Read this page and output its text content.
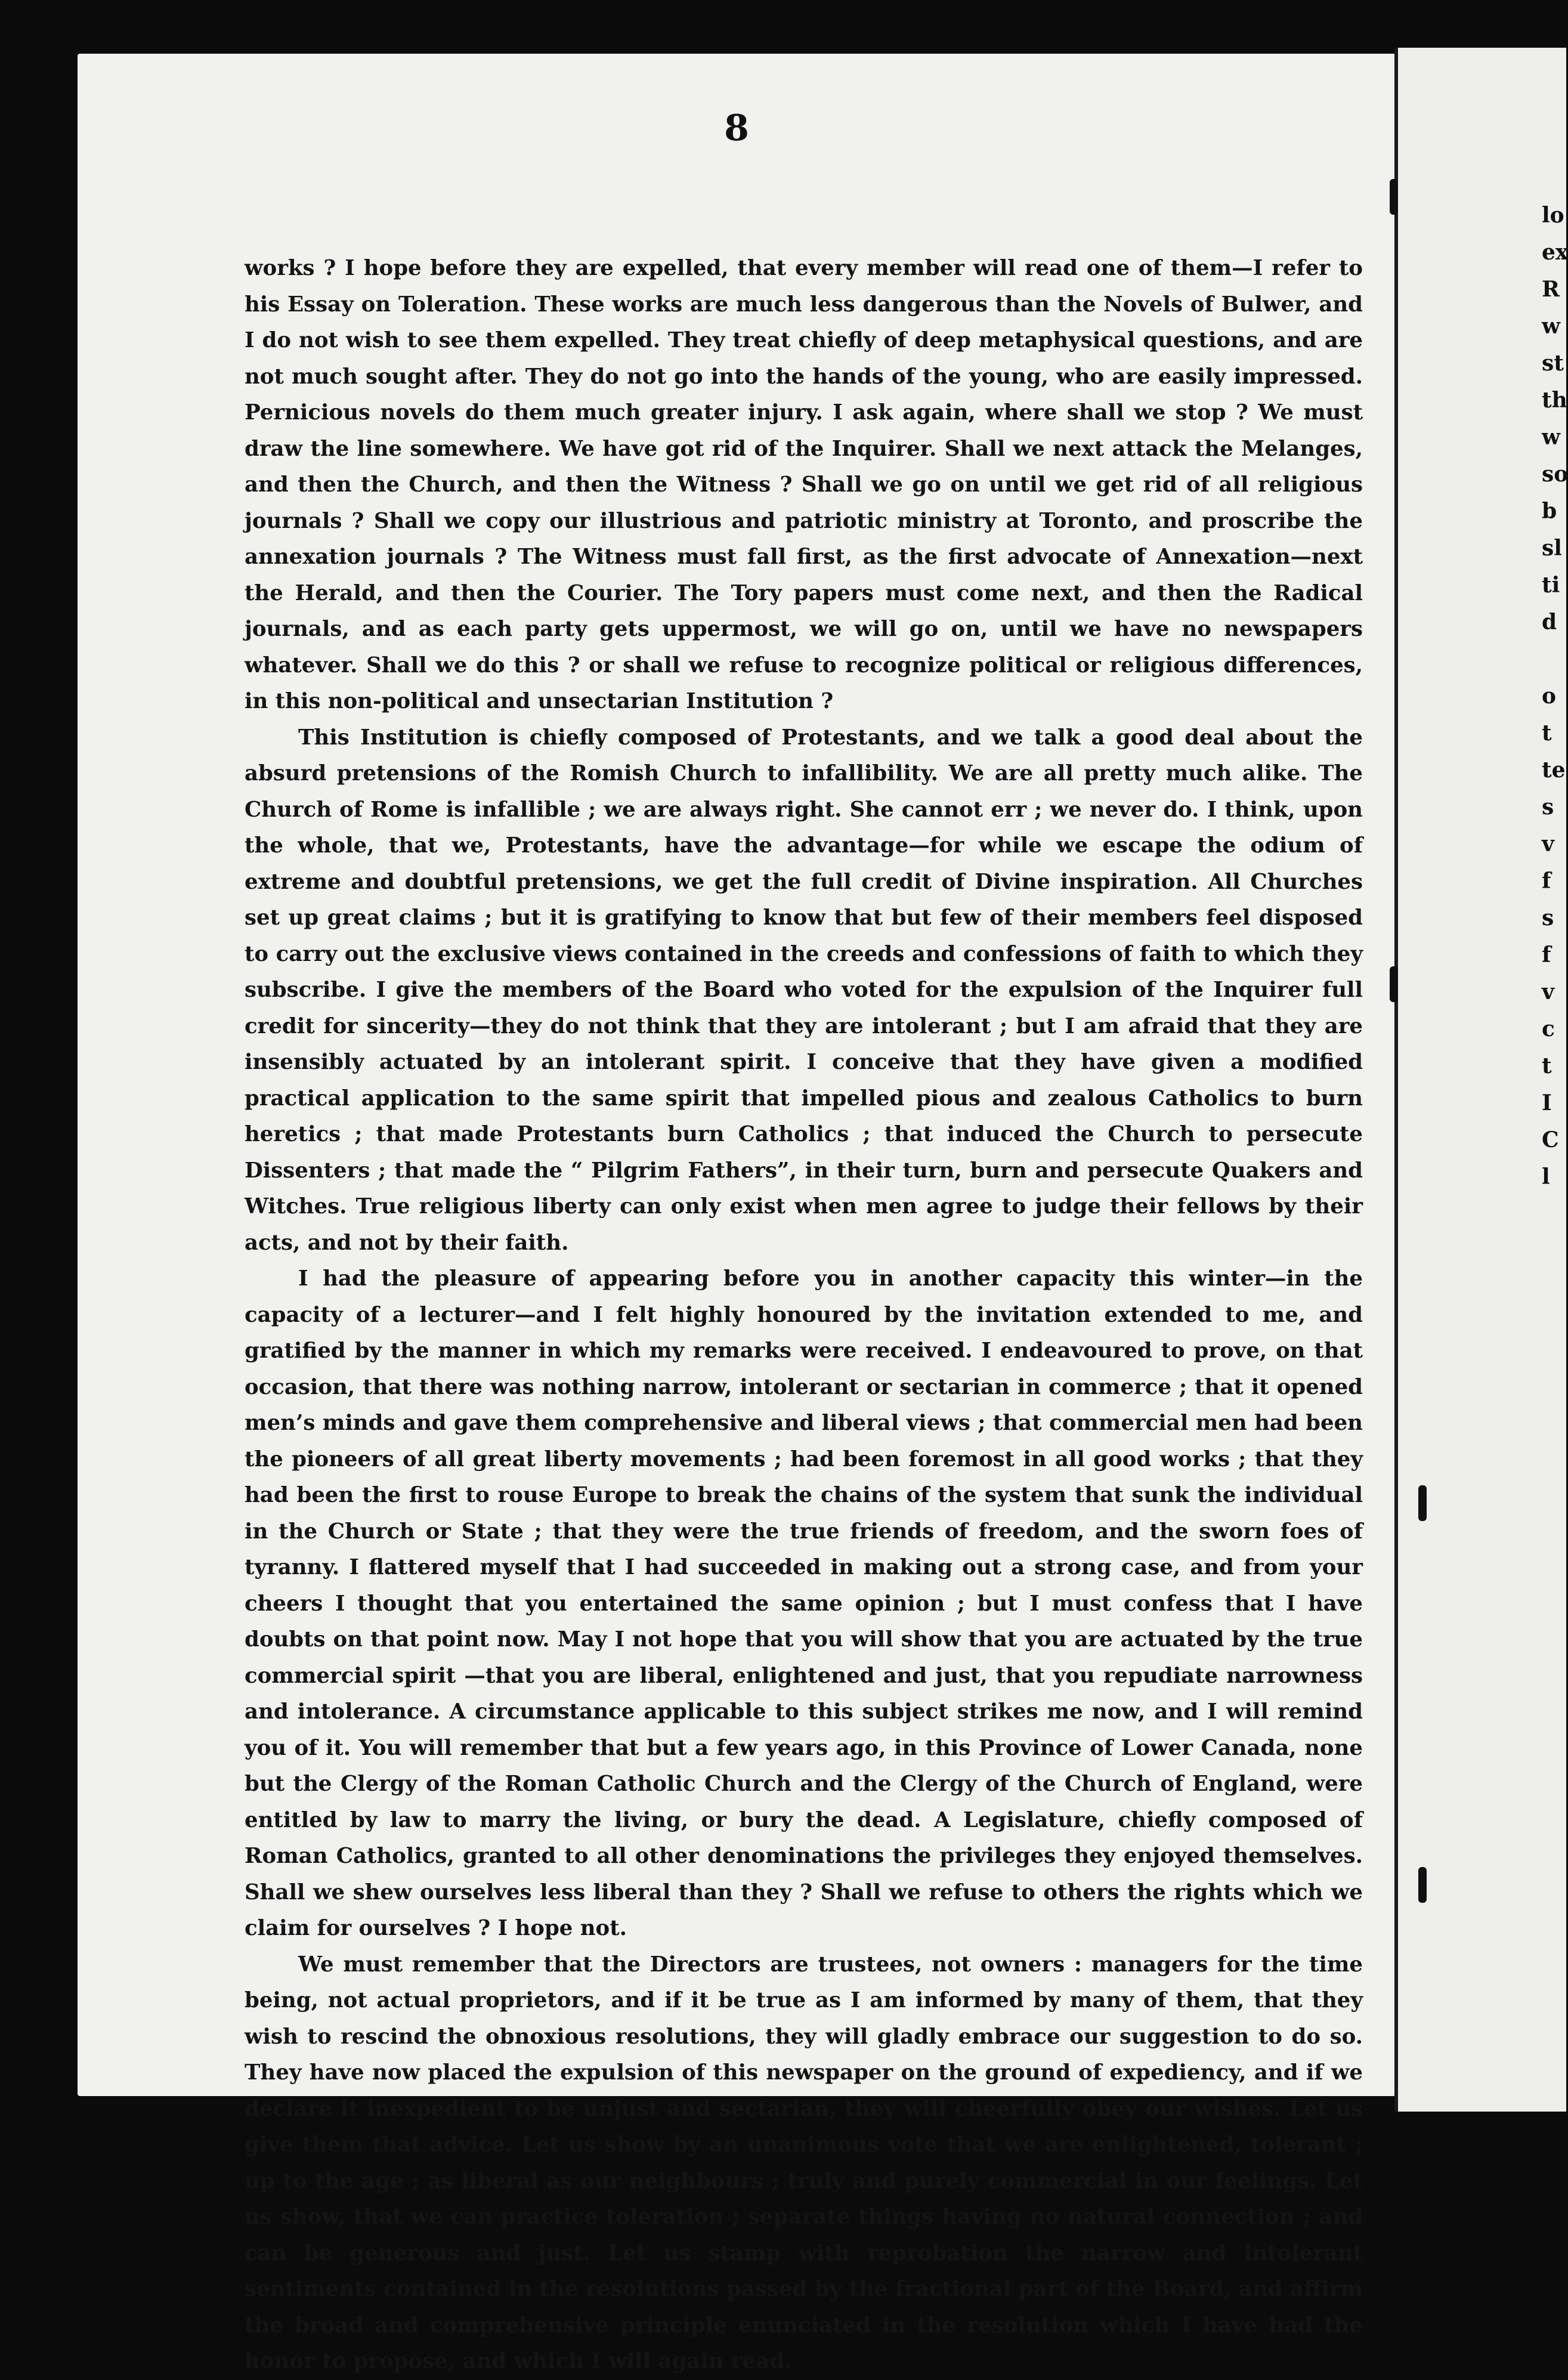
8

works ? I hope before they are expelled, that every member will read one of them—I refer to his Essay on Toleration. These works are much less dangerous than the Novels of Bulwer, and I do not wish to see them expelled. They treat chiefly of deep metaphysical questions, and are not much sought after. They do not go into the hands of the young, who are easily impressed. Pernicious novels do them much greater injury. I ask again, where shall we stop ? We must draw the line somewhere. We have got rid of the Inquirer. Shall we next attack the Melanges, and then the Church, and then the Witness ? Shall we go on until we get rid of all religious journals ? Shall we copy our illustrious and patriotic ministry at Toronto, and proscribe the annexation journals ? The Witness must fall first, as the first advocate of Annexation—next the Herald, and then the Courier. The Tory papers must come next, and then the Radical journals, and as each party gets uppermost, we will go on, until we have no newspapers whatever. Shall we do this ? or shall we refuse to recognize political or religious differences, in this non-political and unsectarian Institution ?

This Institution is chiefly composed of Protestants, and we talk a good deal about the absurd pretensions of the Romish Church to infallibility. We are all pretty much alike. The Church of Rome is infallible ; we are always right. She cannot err ; we never do. I think, upon the whole, that we, Protestants, have the advantage—for while we escape the odium of extreme and doubtful pretensions, we get the full credit of Divine inspiration. All Churches set up great claims ; but it is gratifying to know that but few of their members feel disposed to carry out the exclusive views contained in the creeds and confessions of faith to which they subscribe. I give the members of the Board who voted for the expulsion of the Inquirer full credit for sincerity—they do not think that they are intolerant ; but I am afraid that they are insensibly actuated by an intolerant spirit. I conceive that they have given a modified practical application to the same spirit that impelled pious and zealous Catholics to burn heretics ; that made Protestants burn Catholics ; that induced the Church to persecute Dissenters ; that made the “ Pilgrim Fathers”, in their turn, burn and persecute Quakers and Witches. True religious liberty can only exist when men agree to judge their fellows by their acts, and not by their faith.

I had the pleasure of appearing before you in another capacity this winter—in the capacity of a lecturer—and I felt highly honoured by the invitation extended to me, and gratified by the manner in which my remarks were received. I endeavoured to prove, on that occasion, that there was nothing narrow, intolerant or sectarian in commerce ; that it opened men’s minds and gave them comprehensive and liberal views ; that commercial men had been the pioneers of all great liberty movements ; had been foremost in all good works ; that they had been the first to rouse Europe to break the chains of the system that sunk the individual in the Church or State ; that they were the true friends of freedom, and the sworn foes of tyranny. I flattered myself that I had succeeded in making out a strong case, and from your cheers I thought that you entertained the same opinion ; but I must confess that I have doubts on that point now. May I not hope that you will show that you are actuated by the true commercial spirit —that you are liberal, enlightened and just, that you repudiate narrowness and intolerance. A circumstance applicable to this subject strikes me now, and I will remind you of it. You will remember that but a few years ago, in this Province of Lower Canada, none but the Clergy of the Roman Catholic Church and the Clergy of the Church of England, were entitled by law to marry the living, or bury the dead. A Legislature, chiefly composed of Roman Catholics, granted to all other denominations the privileges they enjoyed themselves. Shall we shew ourselves less liberal than they ? Shall we refuse to others the rights which we claim for ourselves ? I hope not.

We must remember that the Directors are trustees, not owners : managers for the time being, not actual proprietors, and if it be true as I am informed by many of them, that they wish to rescind the obnoxious resolutions, they will gladly embrace our suggestion to do so. They have now placed the expulsion of this newspaper on the ground of expediency, and if we declare it inexpedient to be unjust and sectarian, they will cheerfully obey our wishes. Let us give them that advice. Let us show by an unanimous vote that we are enlightened, tolerant ; up to the age ; as liberal as our neighbours ; truly and purely commercial in our feelings. Let us show, that we can practice toleration ; separate things having no natural connection ; and can be generous and just. Let us stamp with reprobation the narrow and intolerant sentiments contained in the resolutions passed by the fractional part of the Board, and affirm the broad and comprehensive principle enunciated in the resolution which I have had the honor to propose, and which I will again read.

lo
ex
R
w
st
th
w
so
b
sl
ti
d
o
t
te
s
v
f
s
f
v
c
t
I
C
l
